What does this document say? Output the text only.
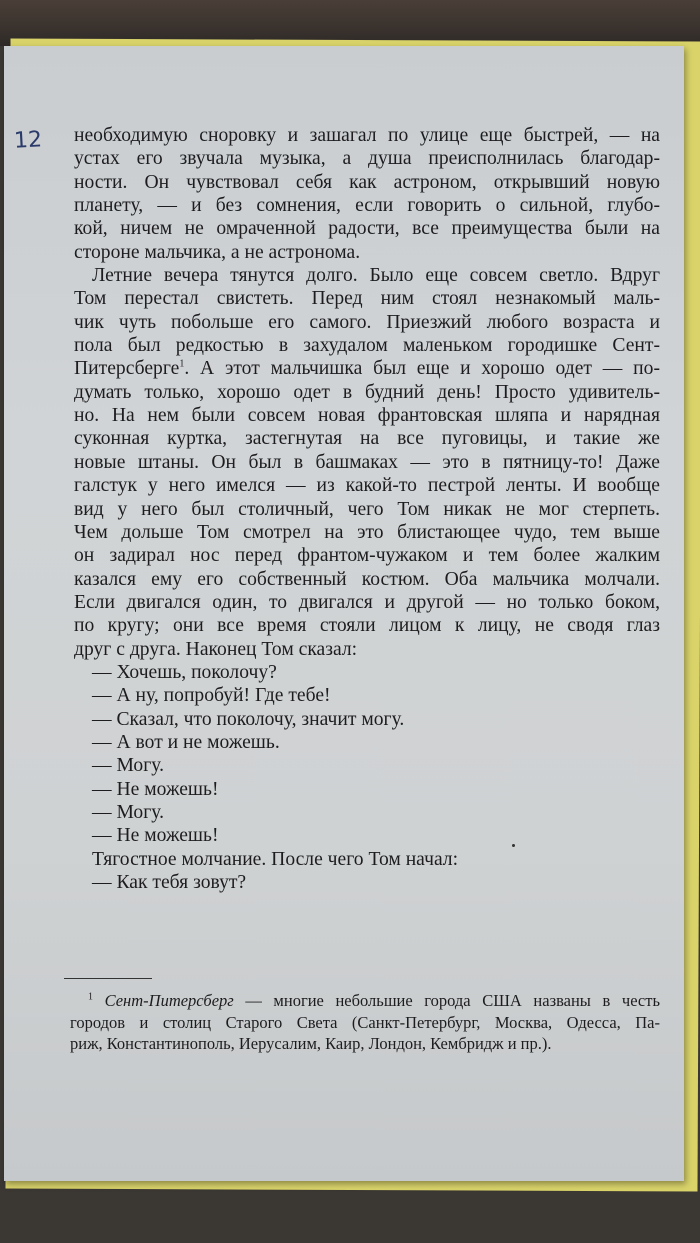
12 необходимую сноровку и зашагал по улице еще быстрей, — на
устах его звучала музыка, а душа преисполнилась благодар-
ности. Он чувствовал себя как астроном, открывший новую
планету, — и без сомнения, если говорить о сильной, глубо-
кой, ничем не омраченной радости, все преимущества были на
стороне мальчика, а не астронома.
Летние вечера тянутся долго. Было еще совсем светло. Вдруг
Том перестал свистеть. Перед ним стоял незнакомый маль-
чик чуть побольше его самого. Приезжий любого возраста и
пола был редкостью в захудалом маленьком городишке Сент-
Питерсберге$^1$. А этот мальчишка был еще и хорошо одет — по-
думать только, хорошо одет в будний день! Просто удивитель-
но. На нем были совсем новая франтовская шляпа и нарядная
суконная куртка, застегнутая на все пуговицы, и такие же
новые штаны. Он был в башмаках — это в пятницу-то! Даже
галстук у него имелся — из какой-то пестрой ленты. И вообще
вид у него был столичный, чего Том никак не мог стерпеть.
Чем дольше Том смотрел на это блистающее чудо, тем выше
он задирал нос перед франтом-чужаком и тем более жалким
казался ему его собственный костюм. Оба мальчика молчали.
Если двигался один, то двигался и другой — но только боком,
по кругу; они все время стояли лицом к лицу, не сводя глаз
друг с друга. Наконец Том сказал:
— Хочешь, поколочу?
— А ну, попробуй! Где тебе!
— Сказал, что поколочу, значит могу.
— А вот и не можешь.
— Могу.
— Не можешь!
— Могу.
— Не можешь!
Тягостное молчание. После чего Том начал:
— Как тебя зовут?
$^1$ Сент-Питерсберг — многие небольшие города США названы в честь
городов и столиц Старого Света (Санкт-Петербург, Москва, Одесса, Па-
риж, Константинополь, Иерусалим, Каир, Лондон, Кембридж и пр.).
